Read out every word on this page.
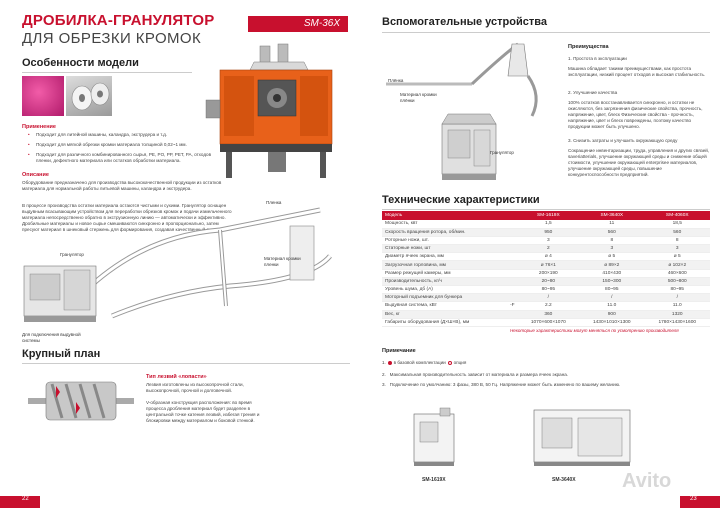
ДРОБИЛКА-ГРАНУЛЯТОР
ДЛЯ ОБРЕЗКИ КРОМОК
SM-36X
Особенности модели
Применение
• Подходит для литейной машины, каландра, экструдера и т.д.
• Подходит для мягкой обрезки кромки материала толщиной 0,02~1 мм.
• Подходит для различного комбинированного сырья, PE, PO, PP, PET, PA, отходов пленки, дефектного материала или остатков обработки материала.
Описание
Оборудование предназначено для производства высококачественной продукции из остатков материала для нормальной работы литьевой машины, каландра и экструдера.
В процессе производства остатки материала остаются чистыми и сухими. Гранулятор оснащен выдувным всасывающим устройством для переработки обрезков кромок и подачи измельченного материала непосредственно обратно в экструзионную линию — автоматически и эффективно. Дробильные материалы и новое сырье смешиваются синхронно и пропорционально, затем пресуют материал в шнековый стержень для формирования, создавая качественный продукт.
Пленка
Гранулятор
Материал кромки пленки
Для подключения выдувной системы
Крупный план
Тип лезвий «лопасти»
Лезвия изготовлены из высокопрочной стали, высокопрочной, прочной и долговечной.
V-образная конструкция расположения: во время процесса дробления материал будет разделен в центральной точке катения лезвий, избегая трения и блокировки между материалом и боковой стенкой.
22
Вспомогательные устройства
Плёнка
Материал кромки плёнки
Гранулятор
Преимущества
1. Простота в эксплуатации
Машина обладает такими преимуществами, как простота эксплуатации, низкий процент отходов и высокая стабильность.
2. Улучшение качества
100% остатков восстанавливается синхронно, и остатки не окисляются, без загрязнения физические свойства, прочность, напряжение, цвет, блеск Физические свойства - прочность, напряжение, цвет и блеск повреждены, поэтому качество продукции может быть улучшено.
3. Снизить затраты и улучшить окружающую среду
Сокращение инвентаризации, труда, управления и других связей, saveriatterials, улучшение окружающей среды и снижение общей стоимости, улучшение окружающей enterprisee материалов, улучшение окружающей среды, повышение конкурентоспособности предприятий.
Технические характеристики
Модель	SM-1619X	SM-3640X	SM-4060X
Мощность, квт	1,5	11	18,5
Скорость вращения ротора, об/мин.	950	560	560
Роторные ножи, шт.	3	8	8
Статорные ножи, шт	2	3	3
Диаметр ячеек экрана, мм	ø 4	ø 5	ø 5
Загрузочная горловина, мм	ø 76×1	ø 89×2	ø 102×2
Размер режущей камеры, мм	200×190	410×430	460×600
Производительность, кг/ч	20~80	150~300	500~800
Уровень шума, дб (А)	80~95	80~95	80~95
Моторный подъемник для бункера	/	/	/
Выдувная система, кВт -F	2.2	11.0	11.0
Вес, кг	360	900	1320
Габариты оборудования (Д×Ш×В), мм	1070×600×1070	1430×1010×1300	1780×1430×1600
Некоторые характеристики могут меняться по усмотрению производителя
Примечание
1.   в базовой комплектации опция
2.   Максимальная производительность зависит от материала и размера ячеек экрана.
3.   Подключение по умолчанию: 3 фазы, 380 В, 50 Гц. Напряжение может быть изменено по вашему желанию.
SM-1619X	SM-3640X Avito
23
